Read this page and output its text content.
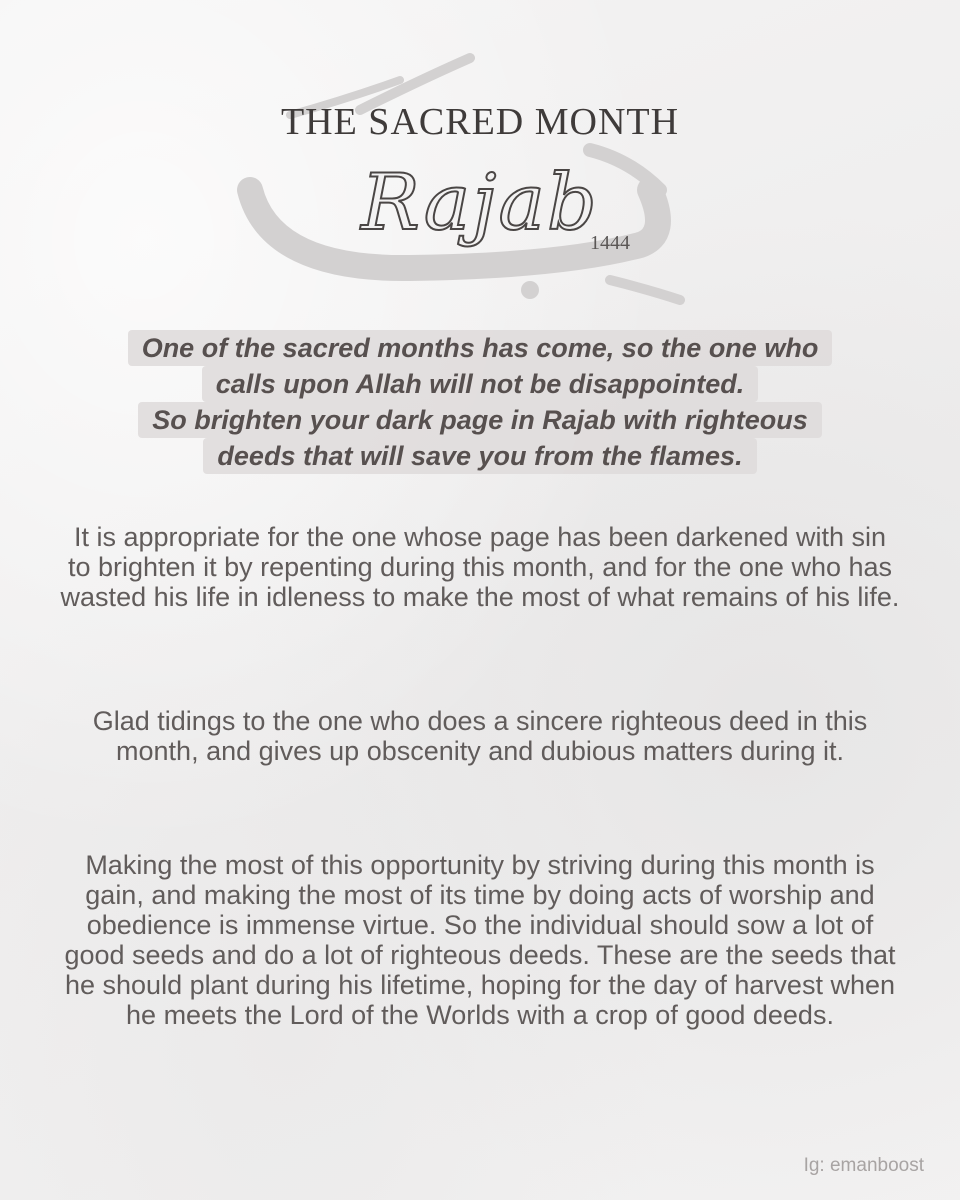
THE SACRED MONTH
Rajab
1444
One of the sacred months has come, so the one who
calls upon Allah will not be disappointed.
So brighten your dark page in Rajab with righteous
deeds that will save you from the flames.

It is appropriate for the one whose page has been darkened with sin to brighten it by repenting during this month, and for the one who has wasted his life in idleness to make the most of what remains of his life.

Glad tidings to the one who does a sincere righteous deed in this month, and gives up obscenity and dubious matters during it.

Making the most of this opportunity by striving during this month is gain, and making the most of its time by doing acts of worship and obedience is immense virtue. So the individual should sow a lot of good seeds and do a lot of righteous deeds. These are the seeds that he should plant during his lifetime, hoping for the day of harvest when he meets the Lord of the Worlds with a crop of good deeds.

Ig: emanboost
